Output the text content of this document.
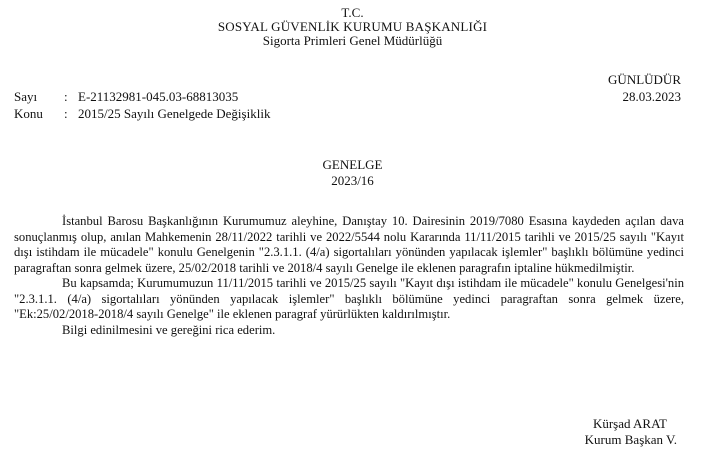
T.C.
SOSYAL GÜVENLİK KURUMU BAŞKANLIĞI
Sigorta Primleri Genel Müdürlüğü
GÜNLÜDÜR
28.03.2023
Sayı : E-21132981-045.03-68813035
Konu : 2015/25 Sayılı Genelgede Değişiklik
GENELGE
2023/16

İstanbul Barosu Başkanlığının Kurumumuz aleyhine, Danıştay 10. Dairesinin 2019/7080 Esasına kaydeden açılan dava sonuçlanmış olup, anılan Mahkemenin 28/11/2022 tarihli ve 2022/5544 nolu Kararında 11/11/2015 tarihli ve 2015/25 sayılı "Kayıt dışı istihdam ile mücadele" konulu Genelgenin "2.3.1.1. (4/a) sigortalıları yönünden yapılacak işlemler" başlıklı bölümüne yedinci paragraftan sonra gelmek üzere, 25/02/2018 tarihli ve 2018/4 sayılı Genelge ile eklenen paragrafın iptaline hükmedilmiştir.

Bu kapsamda; Kurumumuzun 11/11/2015 tarihli ve 2015/25 sayılı "Kayıt dışı istihdam ile mücadele" konulu Genelgesi'nin "2.3.1.1. (4/a) sigortalıları yönünden yapılacak işlemler" başlıklı bölümüne yedinci paragraftan sonra gelmek üzere, "Ek:25/02/2018-2018/4 sayılı Genelge" ile eklenen paragraf yürürlükten kaldırılmıştır.

Bilgi edinilmesini ve gereğini rica ederim.

Kürşad ARAT
Kurum Başkan V.
